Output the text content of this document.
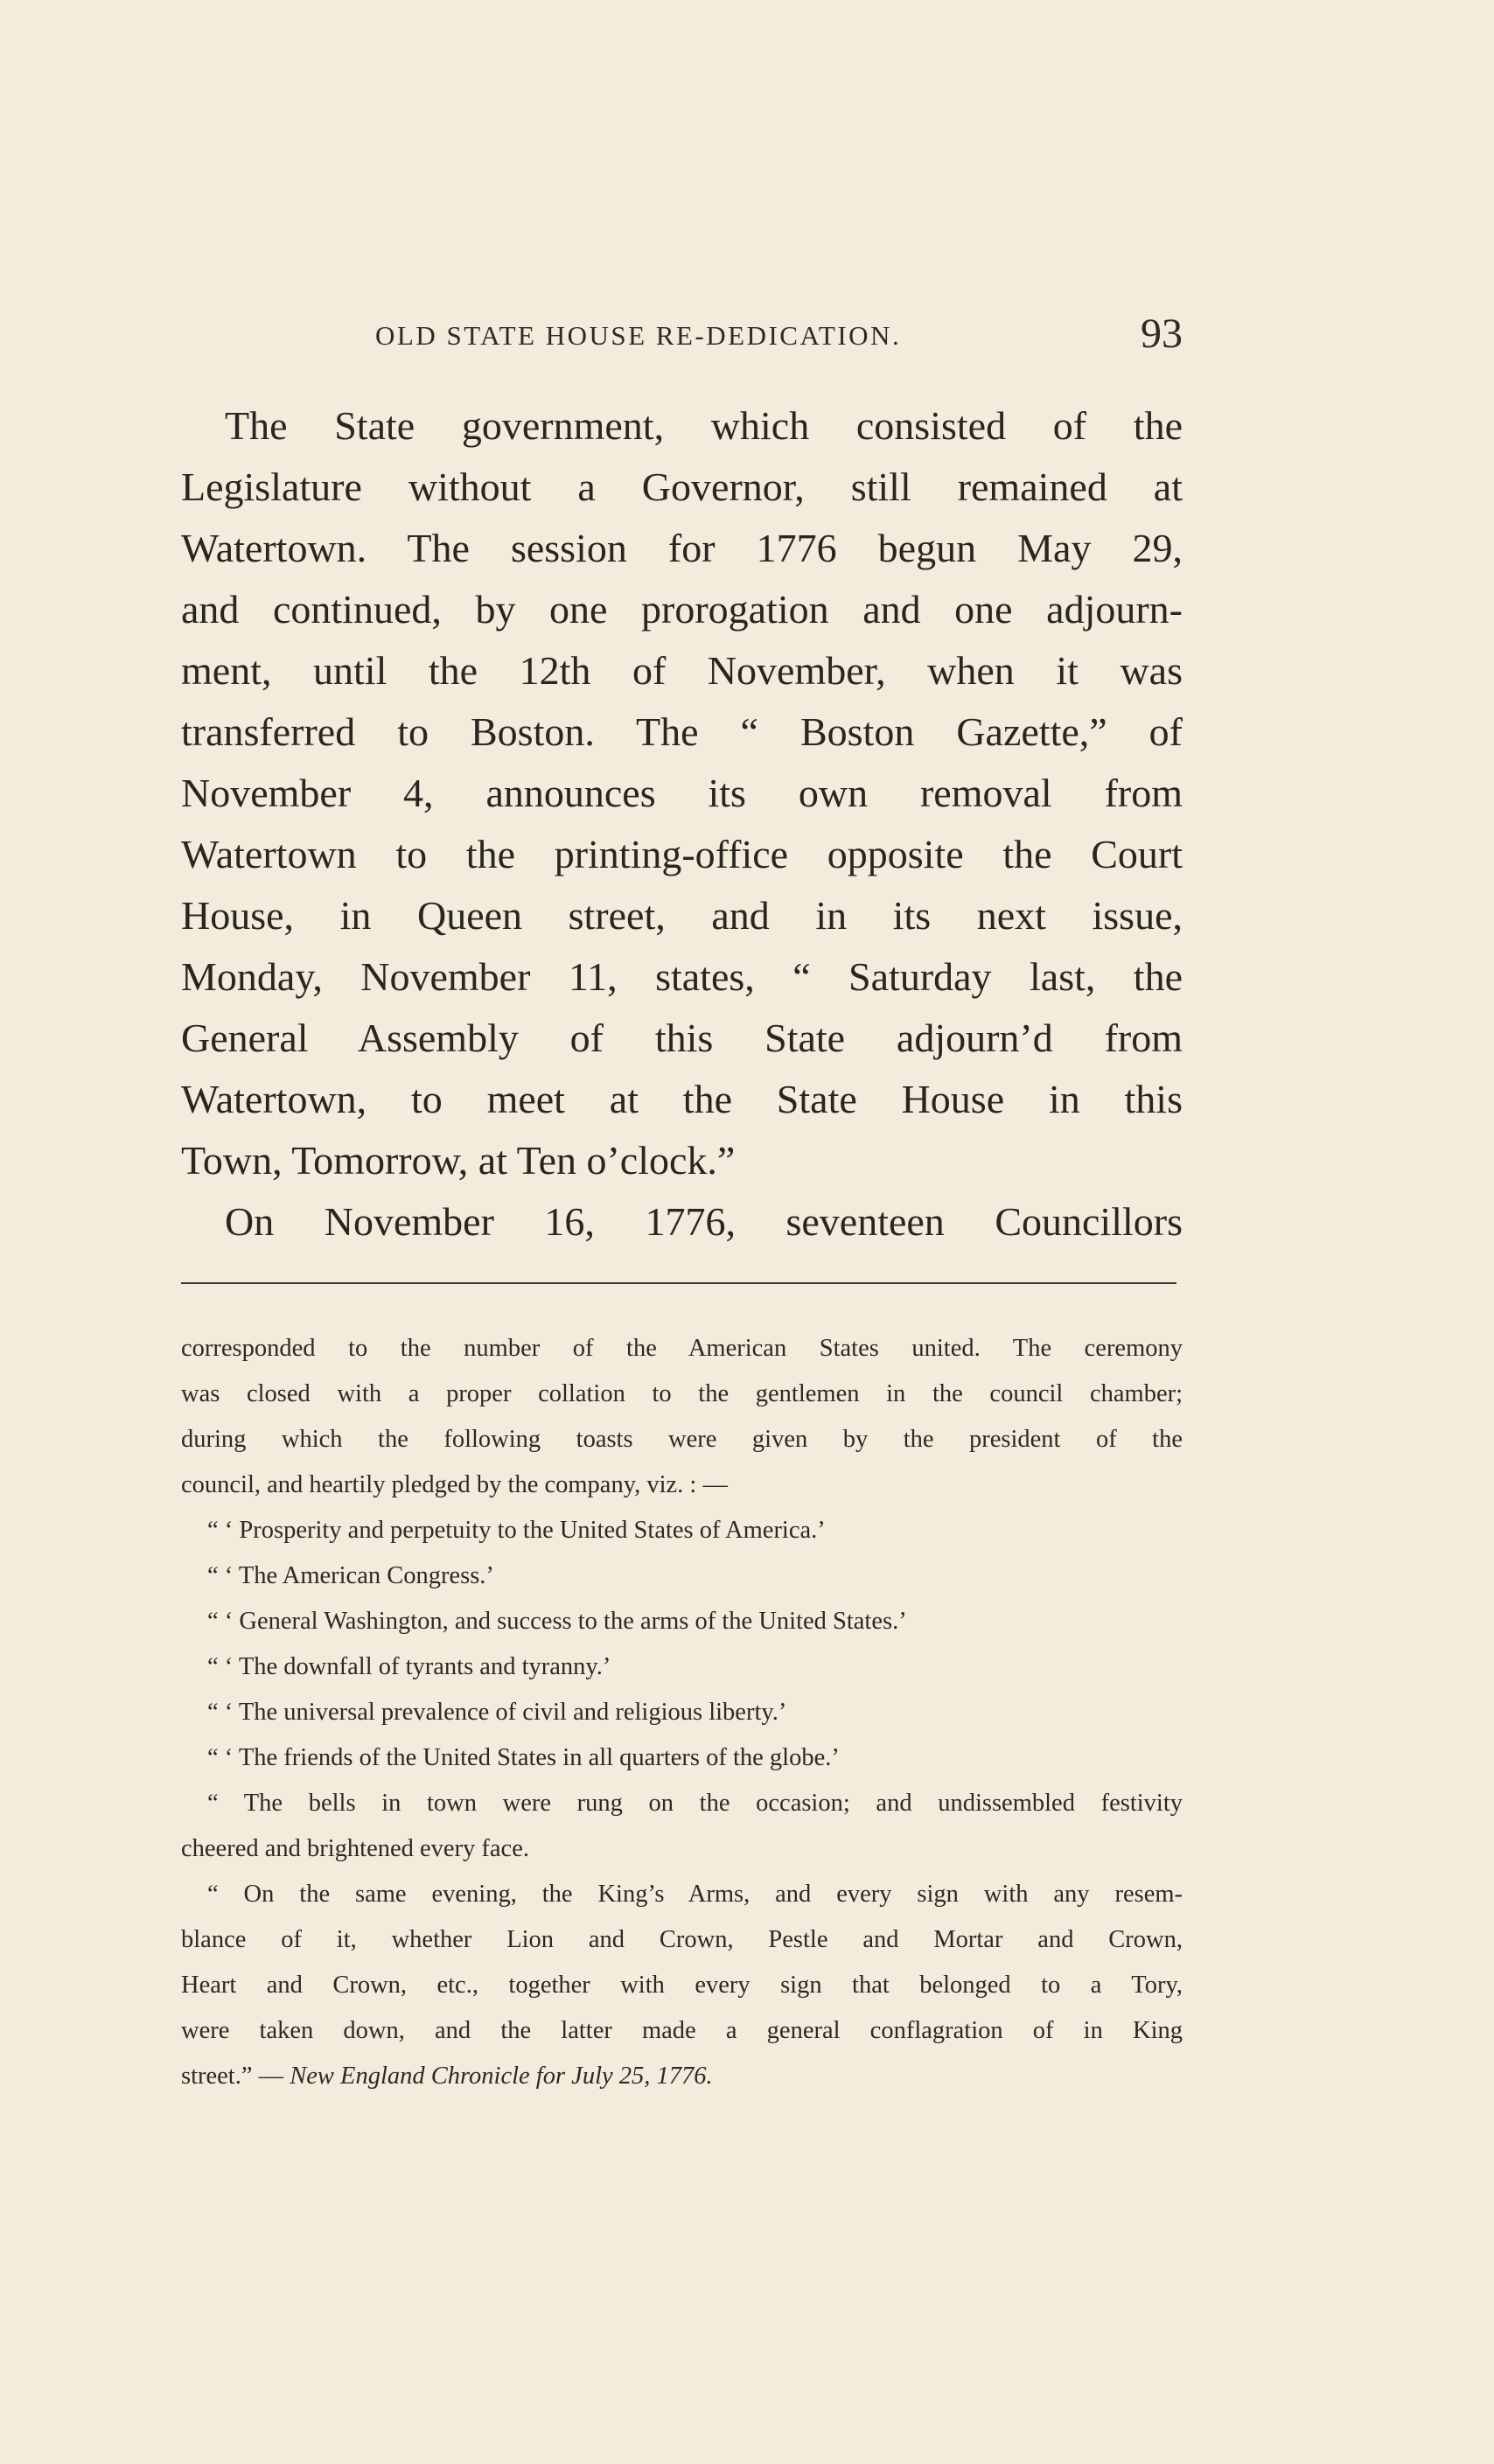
OLD STATE HOUSE RE-DEDICATION.	93
The State government, which consisted of the
Legislature without a Governor, still remained at
Watertown. The session for 1776 begun May 29,
and continued, by one prorogation and one adjourn-
ment, until the 12th of November, when it was
transferred to Boston. The “ Boston Gazette,” of
November 4, announces its own removal from
Watertown to the printing-office opposite the Court
House, in Queen street, and in its next issue,
Monday, November 11, states, “ Saturday last, the
General Assembly of this State adjourn’d from
Watertown, to meet at the State House in this
Town, Tomorrow, at Ten o’clock.”
On November 16, 1776, seventeen Councillors
corresponded to the number of the American States united. The ceremony
was closed with a proper collation to the gentlemen in the council chamber;
during which the following toasts were given by the president of the
council, and heartily pledged by the company, viz. : —
“ ‘ Prosperity and perpetuity to the United States of America.’
“ ‘ The American Congress.’
“ ‘ General Washington, and success to the arms of the United States.’
“ ‘ The downfall of tyrants and tyranny.’
“ ‘ The universal prevalence of civil and religious liberty.’
“ ‘ The friends of the United States in all quarters of the globe.’
“ The bells in town were rung on the occasion; and undissembled festivity
cheered and brightened every face.
“ On the same evening, the King’s Arms, and every sign with any resem-
blance of it, whether Lion and Crown, Pestle and Mortar and Crown,
Heart and Crown, etc., together with every sign that belonged to a Tory,
were taken down, and the latter made a general conflagration of in King
street.” — New England Chronicle for July 25, 1776.
